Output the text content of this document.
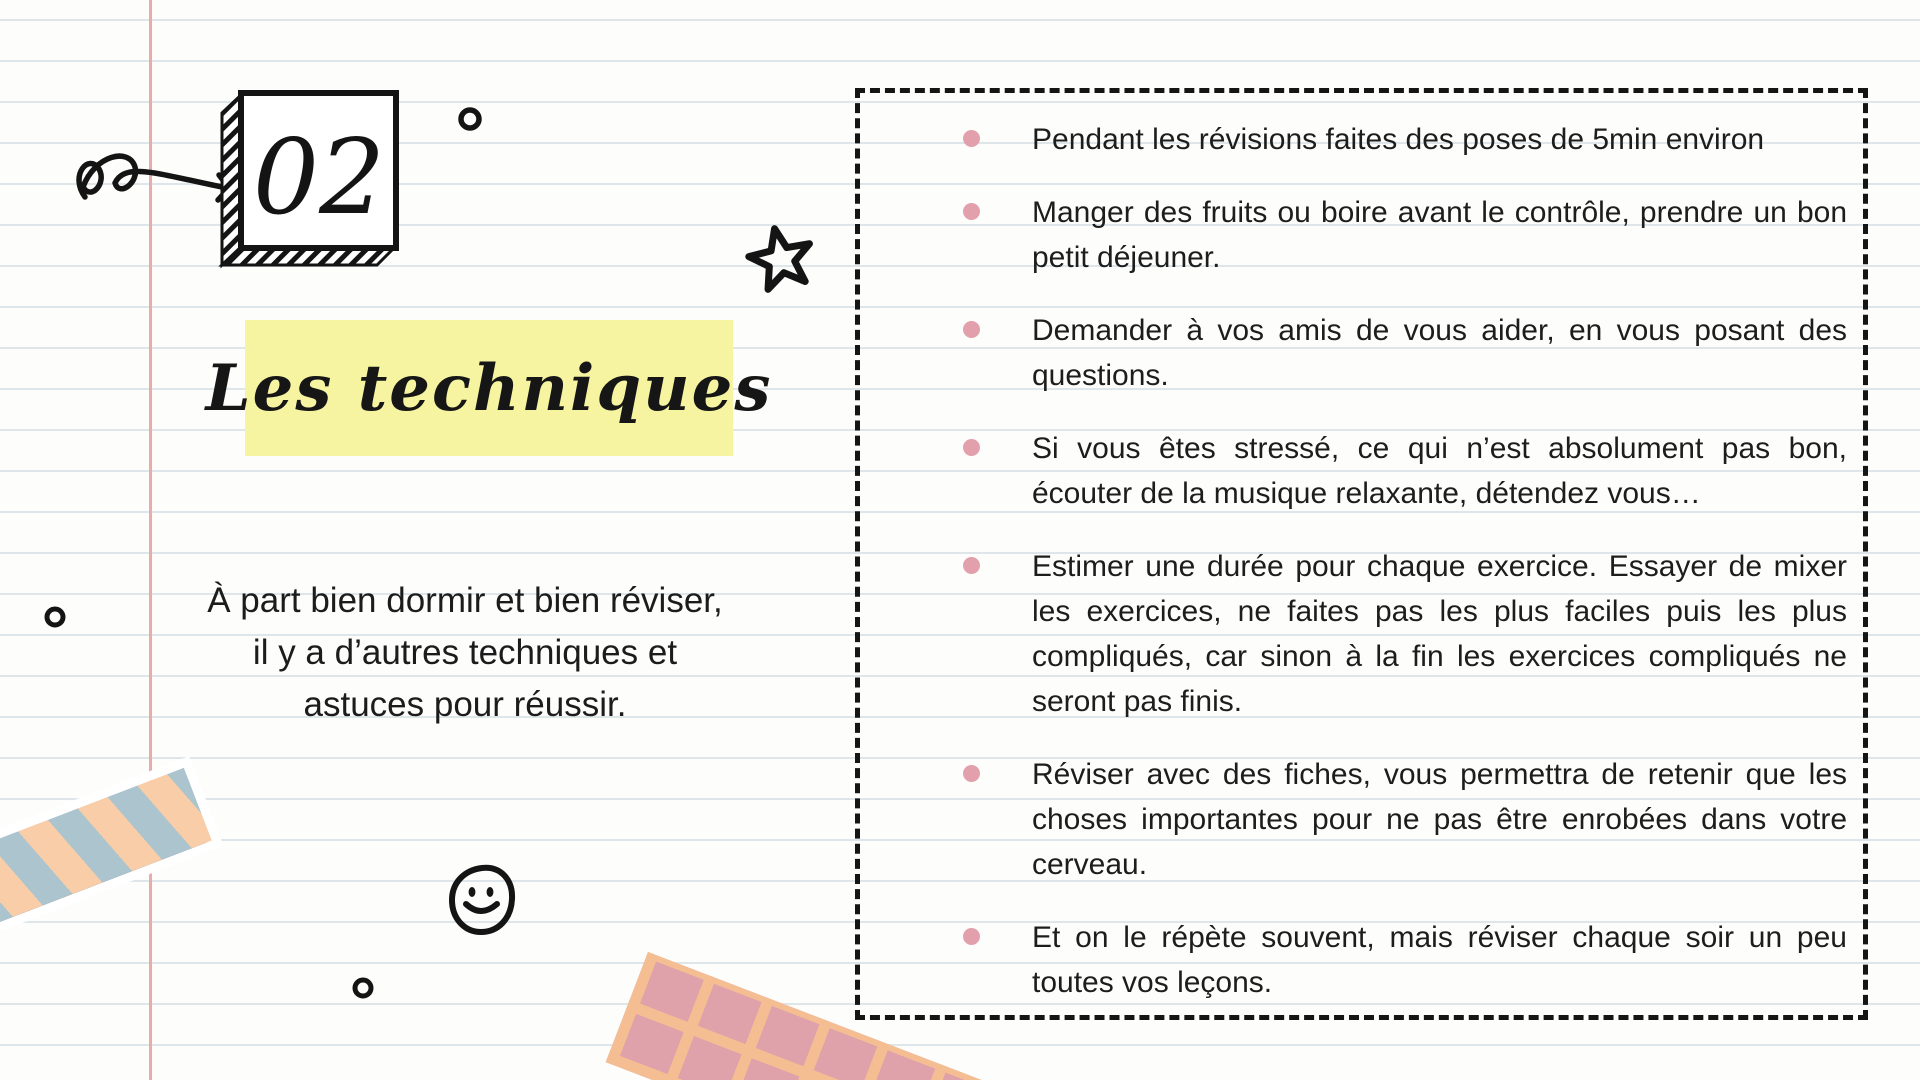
02
Les techniques

À part bien dormir et bien réviser, il y a d’autres techniques et astuces pour réussir.

Pendant les révisions faites des poses de 5min environ
Manger des fruits ou boire avant le contrôle, prendre un bon petit déjeuner.
Demander à vos amis de vous aider, en vous posant des questions.
Si vous êtes stressé, ce qui n’est absolument pas bon, écouter de la musique relaxante, détendez vous…
Estimer une durée pour chaque exercice. Essayer de mixer les exercices, ne faites pas les plus faciles puis les plus compliqués, car sinon à la fin les exercices compliqués ne seront pas finis.
Réviser avec des fiches, vous permettra de retenir que les choses importantes pour ne pas être enrobées dans votre cerveau.
Et on le répète souvent, mais réviser chaque soir un peu toutes vos leçons.
